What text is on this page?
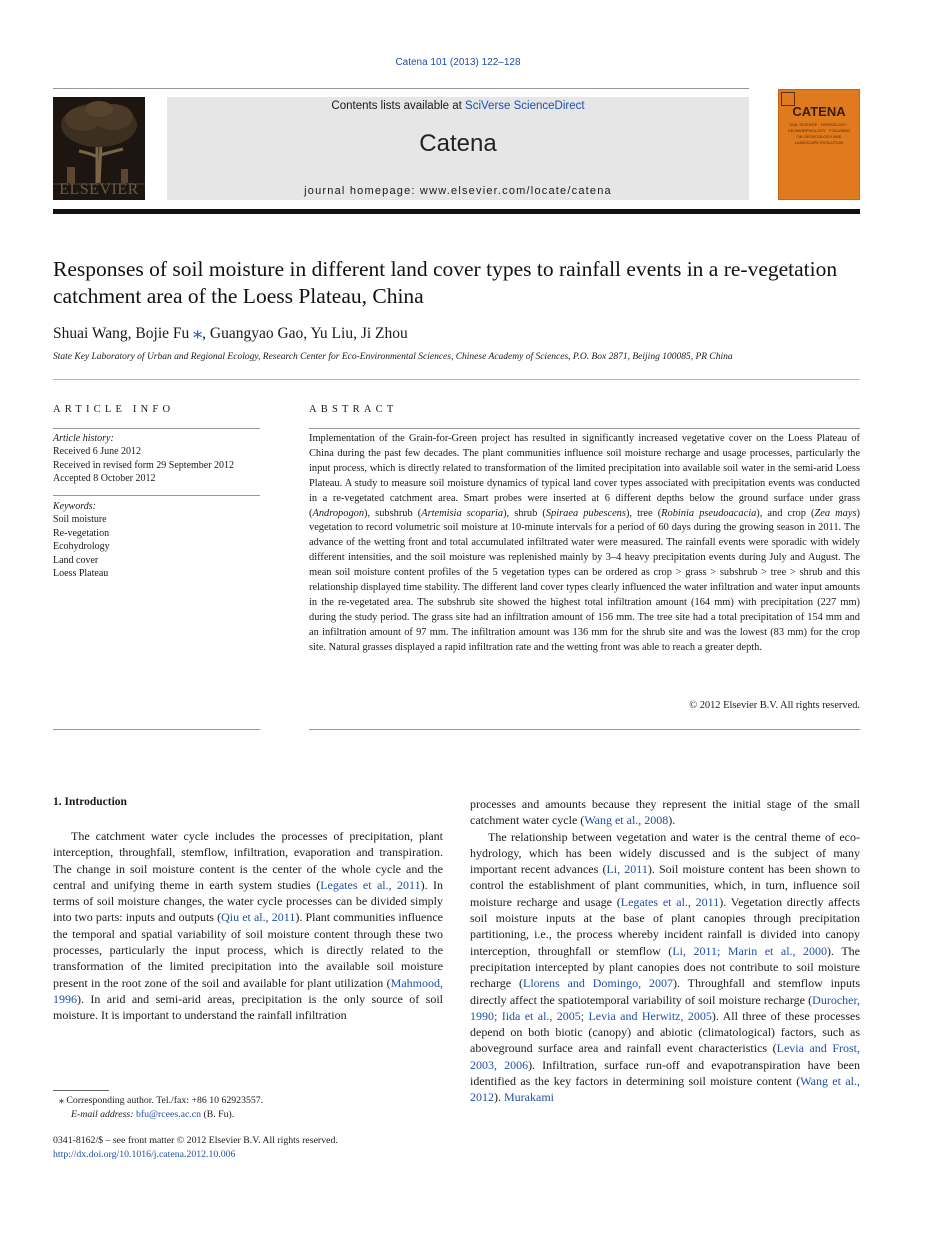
Catena 101 (2013) 122–128
ELSEVIER
Contents lists available at SciVerse ScienceDirect
Catena
journal homepage: www.elsevier.com/locate/catena
CATENA
SOIL SCIENCE · HYDROLOGY · GEOMORPHOLOGY · FOCUSING ON GEOECOLOGY AND LANDSCAPE EVOLUTION
Responses of soil moisture in different land cover types to rainfall events in a re-vegetation catchment area of the Loess Plateau, China
Shuai Wang, Bojie Fu ⁎, Guangyao Gao, Yu Liu, Ji Zhou
State Key Laboratory of Urban and Regional Ecology, Research Center for Eco-Environmental Sciences, Chinese Academy of Sciences, P.O. Box 2871, Beijing 100085, PR China
ARTICLE INFO	ABSTRACT
Article history:
Received 6 June 2012
Received in revised form 29 September 2012
Accepted 8 October 2012
Keywords:
Soil moisture
Re-vegetation
Ecohydrology
Land cover
Loess Plateau
Implementation of the Grain-for-Green project has resulted in significantly increased vegetative cover on the Loess Plateau of China during the past few decades. The plant communities influence soil moisture recharge and usage processes, particularly the input process, which is directly related to transformation of the limited precipitation into available soil water in the semi-arid Loess Plateau. A study to measure soil moisture dynamics of typical land cover types associated with precipitation events was conducted in a re-vegetated catchment area. Smart probes were inserted at 6 different depths below the ground surface under grass (Andropogon), subshrub (Artemisia scoparia), shrub (Spiraea pubescens), tree (Robinia pseudoacacia), and crop (Zea mays) vegetation to record volumetric soil moisture at 10-minute intervals for a period of 60 days during the growing season in 2011. The advance of the wetting front and total accumulated infiltrated water were measured. The rainfall events were sporadic with widely different intensities, and the soil moisture was replenished mainly by 3–4 heavy precipitation events during July and August. The mean soil moisture content profiles of the 5 vegetation types can be ordered as crop > grass > subshrub > tree > shrub and this relationship displayed time stability. The different land cover types clearly influenced the water infiltration and water input amounts in the re-vegetated area. The subshrub site showed the highest total infiltration amount (164 mm) with precipitation (227 mm) during the study period. The grass site had an infiltration amount of 156 mm. The tree site had a total precipitation of 154 mm and an infiltration amount of 97 mm. The infiltration amount was 136 mm for the shrub site and was the lowest (83 mm) for the crop site. Natural grasses displayed a rapid infiltration rate and the wetting front was able to reach a greater depth.
© 2012 Elsevier B.V. All rights reserved.
1. Introduction

The catchment water cycle includes the processes of precipitation, plant interception, throughfall, stemflow, infiltration, evaporation and transpiration. The change in soil moisture content is the center of the whole cycle and the central and unifying theme in earth system studies (Legates et al., 2011). In terms of soil moisture changes, the water cycle processes can be divided simply into two parts: inputs and outputs (Qiu et al., 2011). Plant communities influence the temporal and spatial variability of soil moisture content through these two processes, particularly the input process, which is directly related to the transformation of the limited precipitation into the available soil moisture present in the root zone of the soil and available for plant utilization (Mahmood, 1996). In arid and semi-arid areas, precipitation is the only source of soil moisture. It is important to understand the rainfall infiltration

processes and amounts because they represent the initial stage of the small catchment water cycle (Wang et al., 2008).

The relationship between vegetation and water is the central theme of eco-hydrology, which has been widely discussed and is the subject of many important recent advances (Li, 2011). Soil moisture content has been shown to control the establishment of plant communities, which, in turn, influence soil moisture recharge and usage (Legates et al., 2011). Vegetation directly affects soil moisture inputs at the base of plant canopies through precipitation partitioning, i.e., the process whereby incident rainfall is divided into canopy interception, throughfall or stemflow (Li, 2011; Marin et al., 2000). The precipitation intercepted by plant canopies does not contribute to soil moisture recharge (Llorens and Domingo, 2007). Throughfall and stemflow inputs directly affect the spatiotemporal variability of soil moisture recharge (Durocher, 1990; Iida et al., 2005; Levia and Herwitz, 2005). All three of these processes depend on both biotic (canopy) and abiotic (climatological) factors, such as aboveground surface area and rainfall event characteristics (Levia and Frost, 2003, 2006). Infiltration, surface run-off and evapotranspiration have been identified as the key factors in determining soil moisture content (Wang et al., 2012). Murakami

⁎ Corresponding author. Tel./fax: +86 10 62923557.
E-mail address: bfu@rcees.ac.cn (B. Fu).
0341-8162/$ – see front matter © 2012 Elsevier B.V. All rights reserved.
http://dx.doi.org/10.1016/j.catena.2012.10.006
